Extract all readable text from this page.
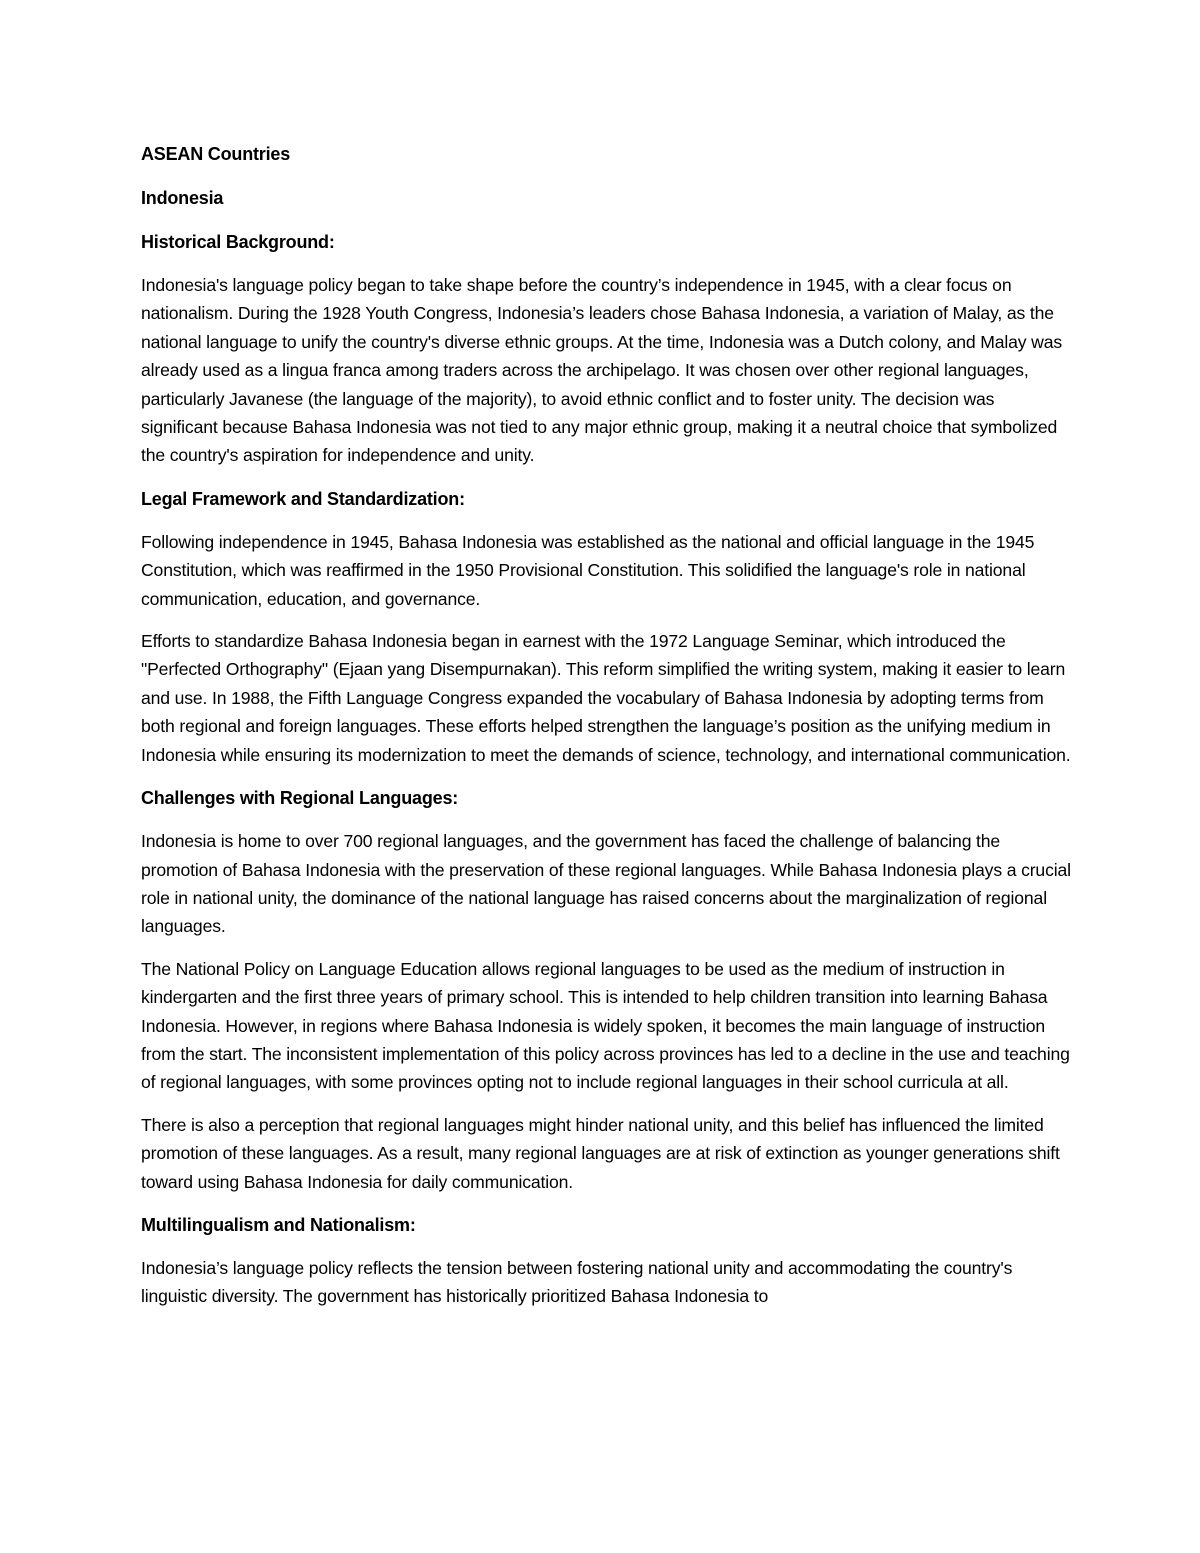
ASEAN Countries
Indonesia
Historical Background:

Indonesia's language policy began to take shape before the country’s independence in 1945, with a clear focus on nationalism. During the 1928 Youth Congress, Indonesia’s leaders chose Bahasa Indonesia, a variation of Malay, as the national language to unify the country's diverse ethnic groups. At the time, Indonesia was a Dutch colony, and Malay was already used as a lingua franca among traders across the archipelago. It was chosen over other regional languages, particularly Javanese (the language of the majority), to avoid ethnic conflict and to foster unity. The decision was significant because Bahasa Indonesia was not tied to any major ethnic group, making it a neutral choice that symbolized the country's aspiration for independence and unity.

Legal Framework and Standardization:

Following independence in 1945, Bahasa Indonesia was established as the national and official language in the 1945 Constitution, which was reaffirmed in the 1950 Provisional Constitution. This solidified the language's role in national communication, education, and governance.

Efforts to standardize Bahasa Indonesia began in earnest with the 1972 Language Seminar, which introduced the "Perfected Orthography" (Ejaan yang Disempurnakan). This reform simplified the writing system, making it easier to learn and use. In 1988, the Fifth Language Congress expanded the vocabulary of Bahasa Indonesia by adopting terms from both regional and foreign languages. These efforts helped strengthen the language’s position as the unifying medium in Indonesia while ensuring its modernization to meet the demands of science, technology, and international communication.

Challenges with Regional Languages:

Indonesia is home to over 700 regional languages, and the government has faced the challenge of balancing the promotion of Bahasa Indonesia with the preservation of these regional languages. While Bahasa Indonesia plays a crucial role in national unity, the dominance of the national language has raised concerns about the marginalization of regional languages.

The National Policy on Language Education allows regional languages to be used as the medium of instruction in kindergarten and the first three years of primary school. This is intended to help children transition into learning Bahasa Indonesia. However, in regions where Bahasa Indonesia is widely spoken, it becomes the main language of instruction from the start. The inconsistent implementation of this policy across provinces has led to a decline in the use and teaching of regional languages, with some provinces opting not to include regional languages in their school curricula at all.

There is also a perception that regional languages might hinder national unity, and this belief has influenced the limited promotion of these languages. As a result, many regional languages are at risk of extinction as younger generations shift toward using Bahasa Indonesia for daily communication.

Multilingualism and Nationalism:

Indonesia’s language policy reflects the tension between fostering national unity and accommodating the country's linguistic diversity. The government has historically prioritized Bahasa Indonesia to
